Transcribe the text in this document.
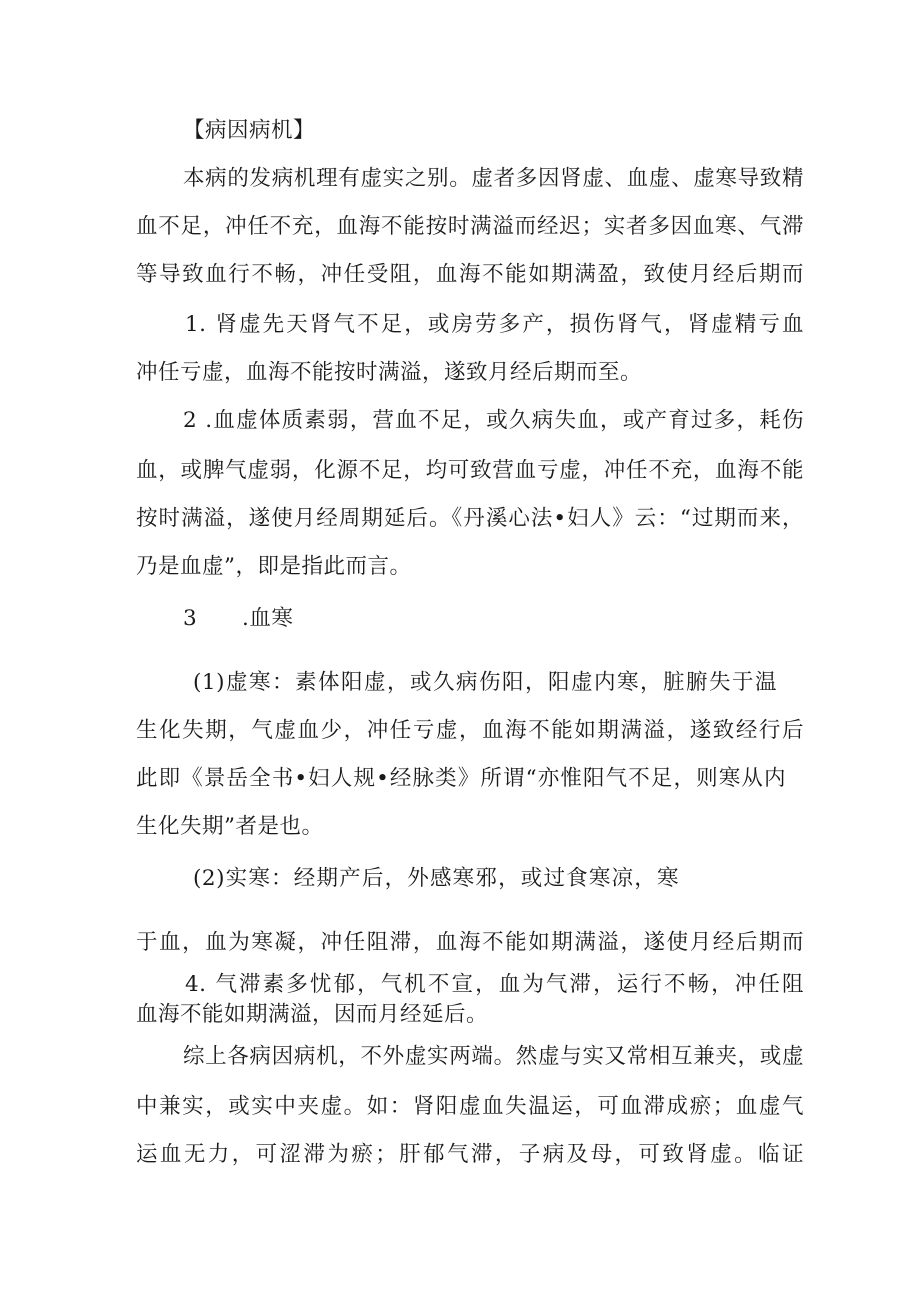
【病因病机】
本病的发病机理有虚实之别。虚者多因肾虚、血虚、虚寒导致精
血不足，冲任不充，血海不能按时满溢而经迟；实者多因血寒、气滞
等导致血行不畅，冲任受阻，血海不能如期满盈，致使月经后期而
1. 肾虚先天肾气不足，或房劳多产，损伤肾气，肾虚精亏血
冲任亏虚，血海不能按时满溢，遂致月经后期而至。
2 .血虚体质素弱，营血不足，或久病失血，或产育过多，耗伤
血，或脾气虚弱，化源不足，均可致营血亏虚，冲任不充，血海不能
按时满溢，遂使月经周期延后。《丹溪心法•妇人》云：“过期而来，
乃是血虚”，即是指此而言。
3 .血寒
(1)虚寒：素体阳虚，或久病伤阳，阳虚内寒，脏腑失于温
生化失期，气虚血少，冲任亏虚，血海不能如期满溢，遂致经行后
此即《景岳全书•妇人规•经脉类》所谓“亦惟阳气不足，则寒从内
生化失期”者是也。
(2)实寒：经期产后，外感寒邪，或过食寒凉，寒
于血，血为寒凝，冲任阻滞，血海不能如期满溢，遂使月经后期而
4. 气滞素多忧郁，气机不宣，血为气滞，运行不畅，冲任阻
血海不能如期满溢，因而月经延后。
综上各病因病机，不外虚实两端。然虚与实又常相互兼夹，或虚
中兼实，或实中夹虚。如：肾阳虚血失温运，可血滞成瘀；血虚气
运血无力，可涩滞为瘀；肝郁气滞，子病及母，可致肾虚。临证
